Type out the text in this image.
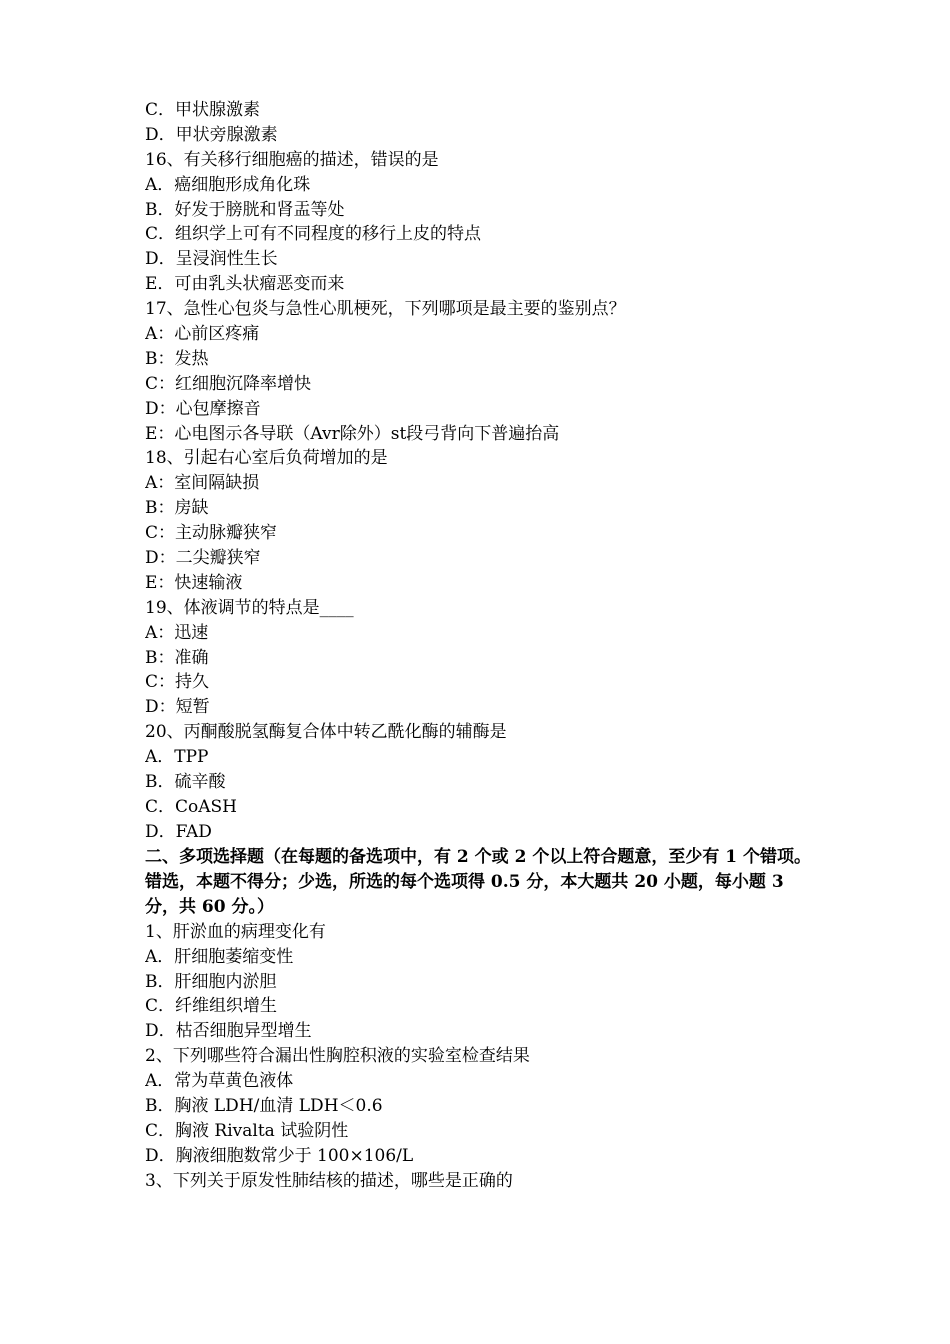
C．甲状腺激素
D．甲状旁腺激素
16、有关移行细胞癌的描述，错误的是
A．癌细胞形成角化珠
B．好发于膀胱和肾盂等处
C．组织学上可有不同程度的移行上皮的特点
D．呈浸润性生长
E．可由乳头状瘤恶变而来
17、急性心包炎与急性心肌梗死，下列哪项是最主要的鉴别点？
A：心前区疼痛
B：发热
C：红细胞沉降率增快
D：心包摩擦音
E：心电图示各导联（Avr除外）st段弓背向下普遍抬高
18、引起右心室后负荷增加的是
A：室间隔缺损
B：房缺
C：主动脉瓣狭窄
D：二尖瓣狭窄
E：快速输液
19、体液调节的特点是____
A：迅速
B：准确
C：持久
D：短暂
20、丙酮酸脱氢酶复合体中转乙酰化酶的辅酶是
A．TPP
B．硫辛酸
C．CoASH
D．FAD
二、多项选择题（在每题的备选项中，有 2 个或 2 个以上符合题意，至少有 1 个错项。错选，本题不得分；少选，所选的每个选项得 0.5 分，本大题共 20 小题，每小题 3 分，共 60 分。）
1、肝淤血的病理变化有
A．肝细胞萎缩变性
B．肝细胞内淤胆
C．纤维组织增生
D．枯否细胞异型增生
2、下列哪些符合漏出性胸腔积液的实验室检查结果
A．常为草黄色液体
B．胸液 LDH/血清 LDH＜0.6
C．胸液 Rivalta 试验阴性
D．胸液细胞数常少于 100×106/L
3、下列关于原发性肺结核的描述，哪些是正确的
